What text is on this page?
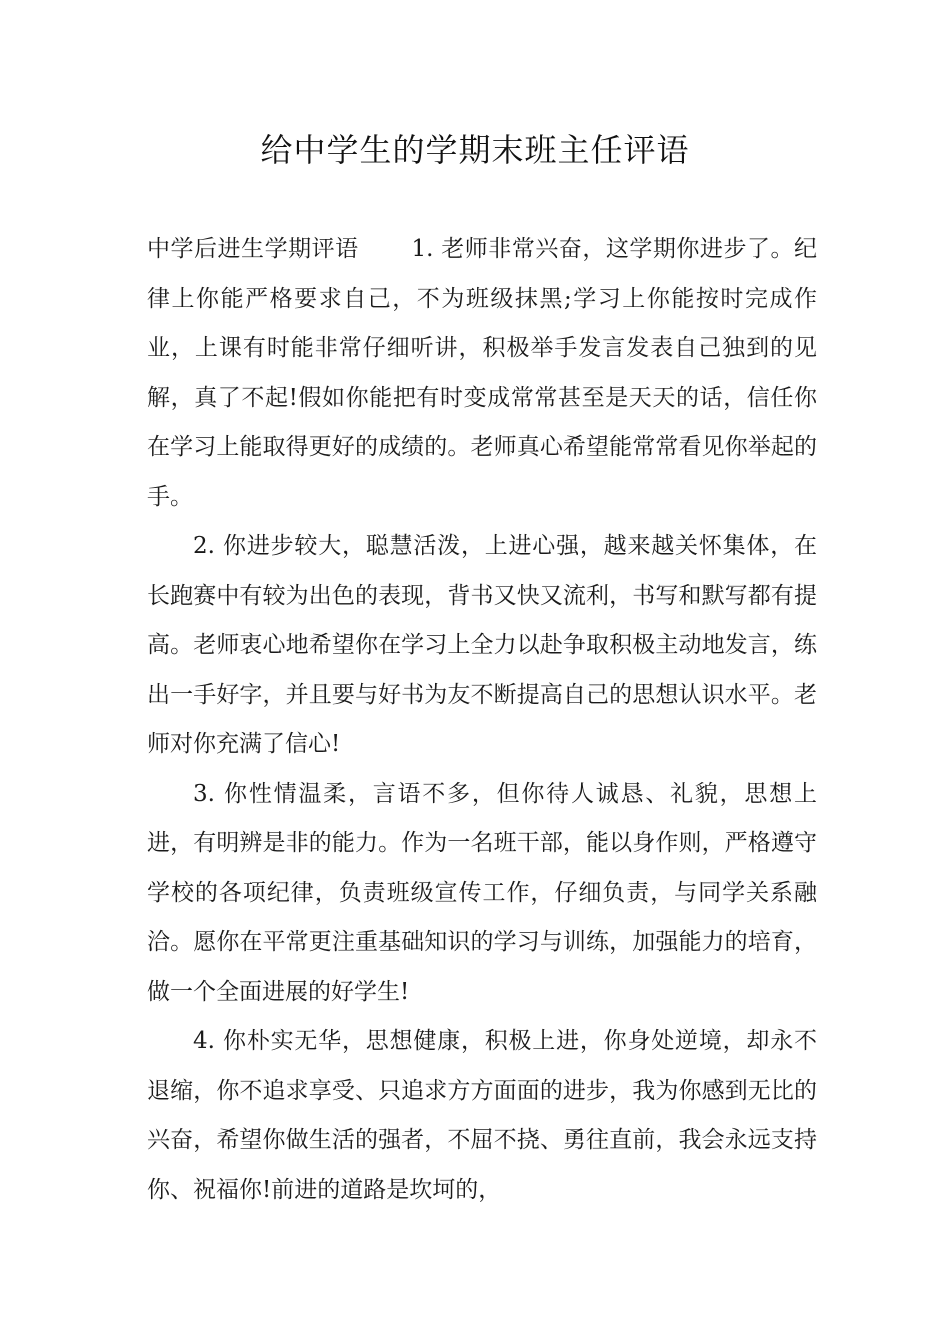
给中学生的学期末班主任评语

中学后进生学期评语 1. 老师非常兴奋，这学期你进步了。纪律上你能严格要求自己，不为班级抹黑;学习上你能按时完成作业，上课有时能非常仔细听讲，积极举手发言发表自己独到的见解，真了不起!假如你能把有时变成常常甚至是天天的话，信任你在学习上能取得更好的成绩的。老师真心希望能常常看见你举起的手。

2. 你进步较大，聪慧活泼，上进心强，越来越关怀集体，在长跑赛中有较为出色的表现，背书又快又流利，书写和默写都有提高。老师衷心地希望你在学习上全力以赴争取积极主动地发言，练出一手好字，并且要与好书为友不断提高自己的思想认识水平。老师对你充满了信心!

3. 你性情温柔，言语不多，但你待人诚恳、礼貌，思想上进，有明辨是非的能力。作为一名班干部，能以身作则，严格遵守学校的各项纪律，负责班级宣传工作，仔细负责，与同学关系融洽。愿你在平常更注重基础知识的学习与训练，加强能力的培育，做一个全面进展的好学生!

4. 你朴实无华，思想健康，积极上进，你身处逆境，却永不退缩，你不追求享受、只追求方方面面的进步，我为你感到无比的兴奋，希望你做生活的强者，不屈不挠、勇往直前，我会永远支持你、祝福你!前进的道路是坎坷的，
